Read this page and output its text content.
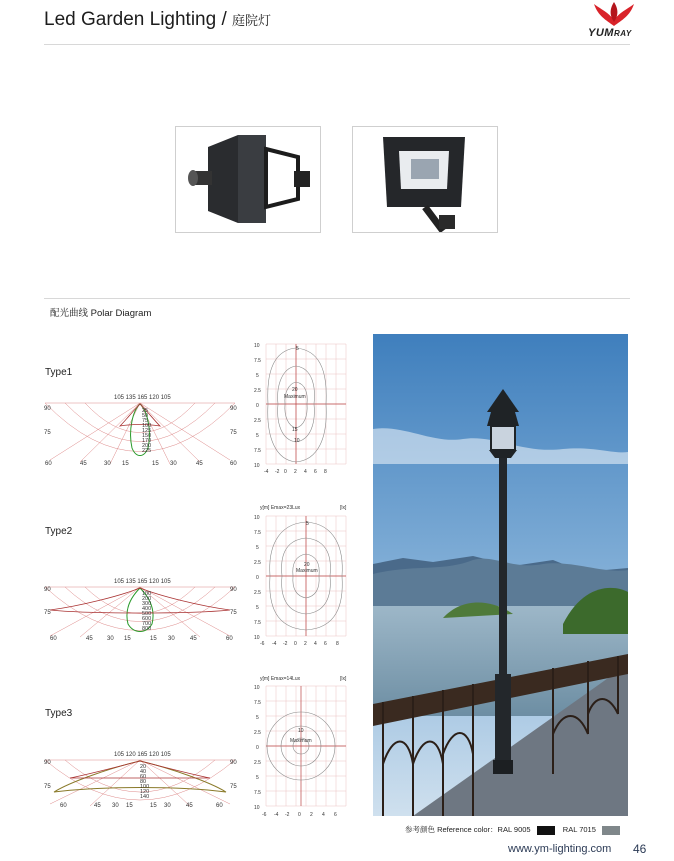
Led Garden Lighting / 庭院灯
YUMRAY
配光曲线 Polar Diagram
Type1
Type2
Type3
105 135 165 120 105
90	90
75	75
25
50
75
100
125
150
170
200
225
60	45	30 15	15 30	45	60
105 135 165 120 105
90	90
75	75
100
200
300
400
500
600
700
800
60	45 30 15	15 30	45	60
105 120 165 120 105
90	90
75	75
20
40
60
80
100
120
140
60	45 30 15	15 30	45	60
10
7.5
5
2.5
0
2.5
5
7.5
10
-4 -2 0 2 4 6 8
5
20
Maximum
15
10
y[m] Emax=23Lux	[lx]
10
7.5
5
2.5
0
2.5
5
7.5
10
-6 -4 -2 0 2 4 6 8
5
20
Maximum
y[m] Emax=14Lux	[lx]
10
7.5
5
2.5
0
2.5
5
7.5
10
-6 -4 -2 0 2 4 6
10
Maximum
参考颜色 Reference color：RAL 9005	RAL 7015
www.ym-lighting.com 46
